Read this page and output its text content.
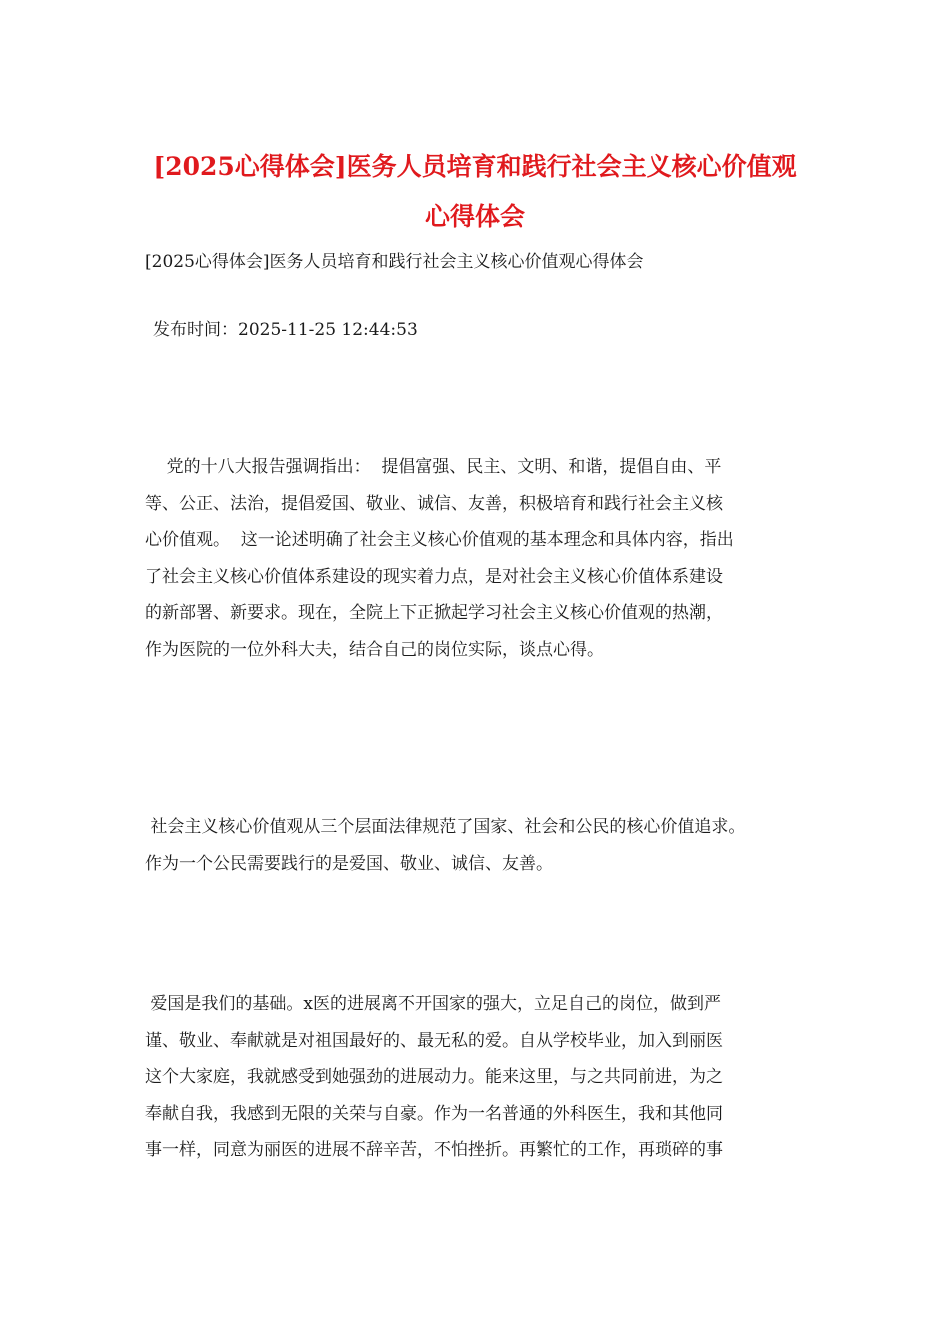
[2025心得体会]医务人员培育和践行社会主义核心价值观
心得体会

[2025心得体会]医务人员培育和践行社会主义核心价值观心得体会

发布时间：2025-11-25 12:44:53

党的十八大报告强调指出：  提倡富强、民主、文明、和谐，提倡自由、平
等、公正、法治，提倡爱国、敬业、诚信、友善，积极培育和践行社会主义核
心价值观。  这一论述明确了社会主义核心价值观的基本理念和具体内容，指出
了社会主义核心价值体系建设的现实着力点，是对社会主义核心价值体系建设
的新部署、新要求。现在，全院上下正掀起学习社会主义核心价值观的热潮，
作为医院的一位外科大夫，结合自己的岗位实际，谈点心得。
社会主义核心价值观从三个层面法律规范了国家、社会和公民的核心价值追求。
作为一个公民需要践行的是爱国、敬业、诚信、友善。
爱国是我们的基础。x医的进展离不开国家的强大，立足自己的岗位，做到严
谨、敬业、奉献就是对祖国最好的、最无私的爱。自从学校毕业，加入到丽医
这个大家庭，我就感受到她强劲的进展动力。能来这里，与之共同前进，为之
奉献自我，我感到无限的关荣与自豪。作为一名普通的外科医生，我和其他同
事一样，同意为丽医的进展不辞辛苦，不怕挫折。再繁忙的工作，再琐碎的事
